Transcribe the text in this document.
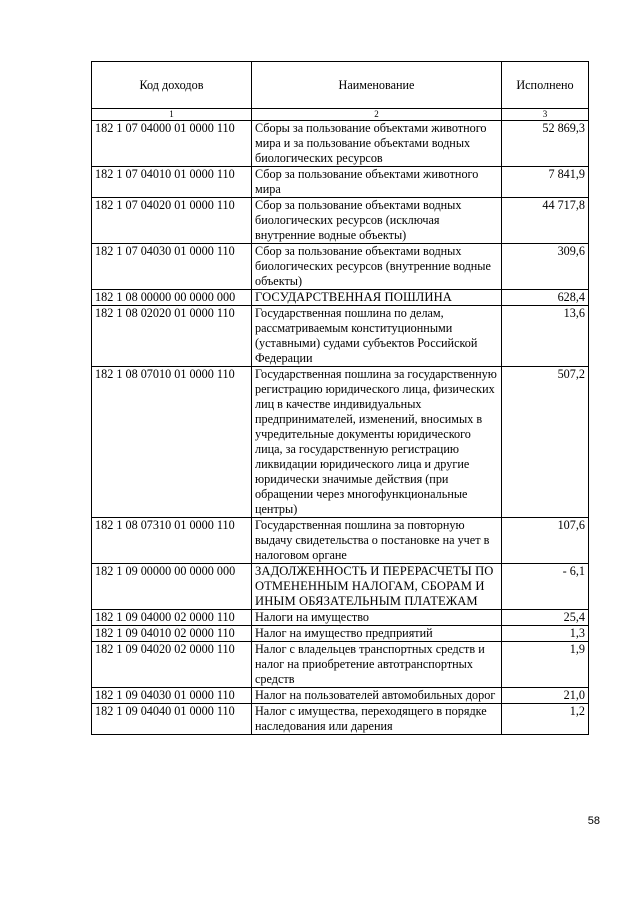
Код доходов	Наименование	Исполнено
1	2	3
182 1 07 04000 01 0000 110	Сборы за пользование объектами животного мира и за пользование объектами водных биологических ресурсов	52 869,3
182 1 07 04010 01 0000 110	Сбор за пользование объектами животного мира	7 841,9
182 1 07 04020 01 0000 110	Сбор за пользование объектами водных биологических ресурсов (исключая внутренние водные объекты)	44 717,8
182 1 07 04030 01 0000 110	Сбор за пользование объектами водных биологических ресурсов (внутренние водные объекты)	309,6
182 1 08 00000 00 0000 000	ГОСУДАРСТВЕННАЯ ПОШЛИНА	628,4
182 1 08 02020 01 0000 110	Государственная пошлина по делам, рассматриваемым конституционными (уставными) судами субъектов Российской Федерации	13,6
182 1 08 07010 01 0000 110	Государственная пошлина за государственную регистрацию юридического лица, физических лиц в качестве индивидуальных предпринимателей, изменений, вносимых в учредительные документы юридического лица, за государственную регистрацию ликвидации юридического лица и другие юридически значимые действия (при обращении через многофункциональные центры)	507,2
182 1 08 07310 01 0000 110	Государственная пошлина за повторную выдачу свидетельства о постановке на учет в налоговом органе	107,6
182 1 09 00000 00 0000 000	ЗАДОЛЖЕННОСТЬ И ПЕРЕРАСЧЕТЫ ПО ОТМЕНЕННЫМ НАЛОГАМ, СБОРАМ И ИНЫМ ОБЯЗАТЕЛЬНЫМ ПЛАТЕЖАМ	- 6,1
182 1 09 04000 02 0000 110	Налоги на имущество	25,4
182 1 09 04010 02 0000 110	Налог на имущество предприятий	1,3
182 1 09 04020 02 0000 110	Налог с владельцев транспортных средств и налог на приобретение автотранспортных средств	1,9
182 1 09 04030 01 0000 110	Налог на пользователей автомобильных дорог	21,0
182 1 09 04040 01 0000 110	Налог с имущества, переходящего в порядке наследования или дарения	1,2
58
